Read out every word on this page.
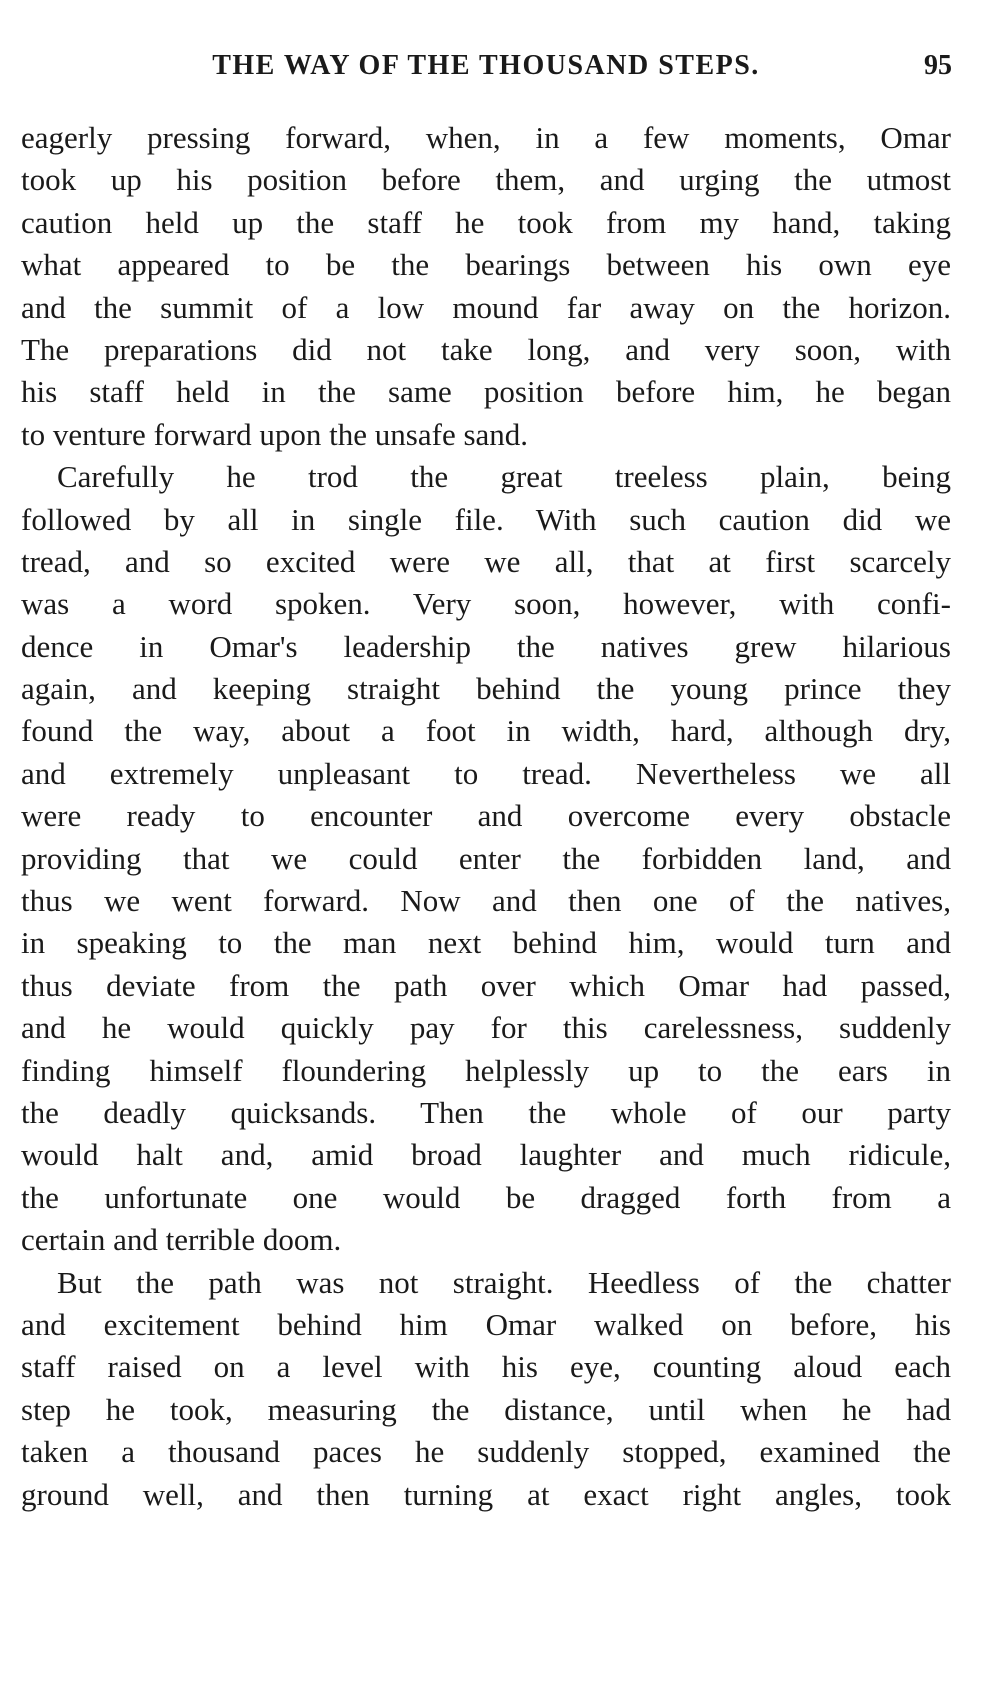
THE WAY OF THE THOUSAND STEPS.	95
eagerly pressing forward, when, in a few moments, Omar
took up his position before them, and urging the utmost
caution held up the staff he took from my hand, taking
what appeared to be the bearings between his own eye
and the summit of a low mound far away on the horizon.
The preparations did not take long, and very soon, with
his staff held in the same position before him, he began
to venture forward upon the unsafe sand.
Carefully he trod the great treeless plain, being
followed by all in single file. With such caution did we
tread, and so excited were we all, that at first scarcely
was a word spoken. Very soon, however, with confi-
dence in Omar's leadership the natives grew hilarious
again, and keeping straight behind the young prince they
found the way, about a foot in width, hard, although dry,
and extremely unpleasant to tread. Nevertheless we all
were ready to encounter and overcome every obstacle
providing that we could enter the forbidden land, and
thus we went forward. Now and then one of the natives,
in speaking to the man next behind him, would turn and
thus deviate from the path over which Omar had passed,
and he would quickly pay for this carelessness, suddenly
finding himself floundering helplessly up to the ears in
the deadly quicksands. Then the whole of our party
would halt and, amid broad laughter and much ridicule,
the unfortunate one would be dragged forth from a
certain and terrible doom.
But the path was not straight. Heedless of the chatter
and excitement behind him Omar walked on before, his
staff raised on a level with his eye, counting aloud each
step he took, measuring the distance, until when he had
taken a thousand paces he suddenly stopped, examined the
ground well, and then turning at exact right angles, took
